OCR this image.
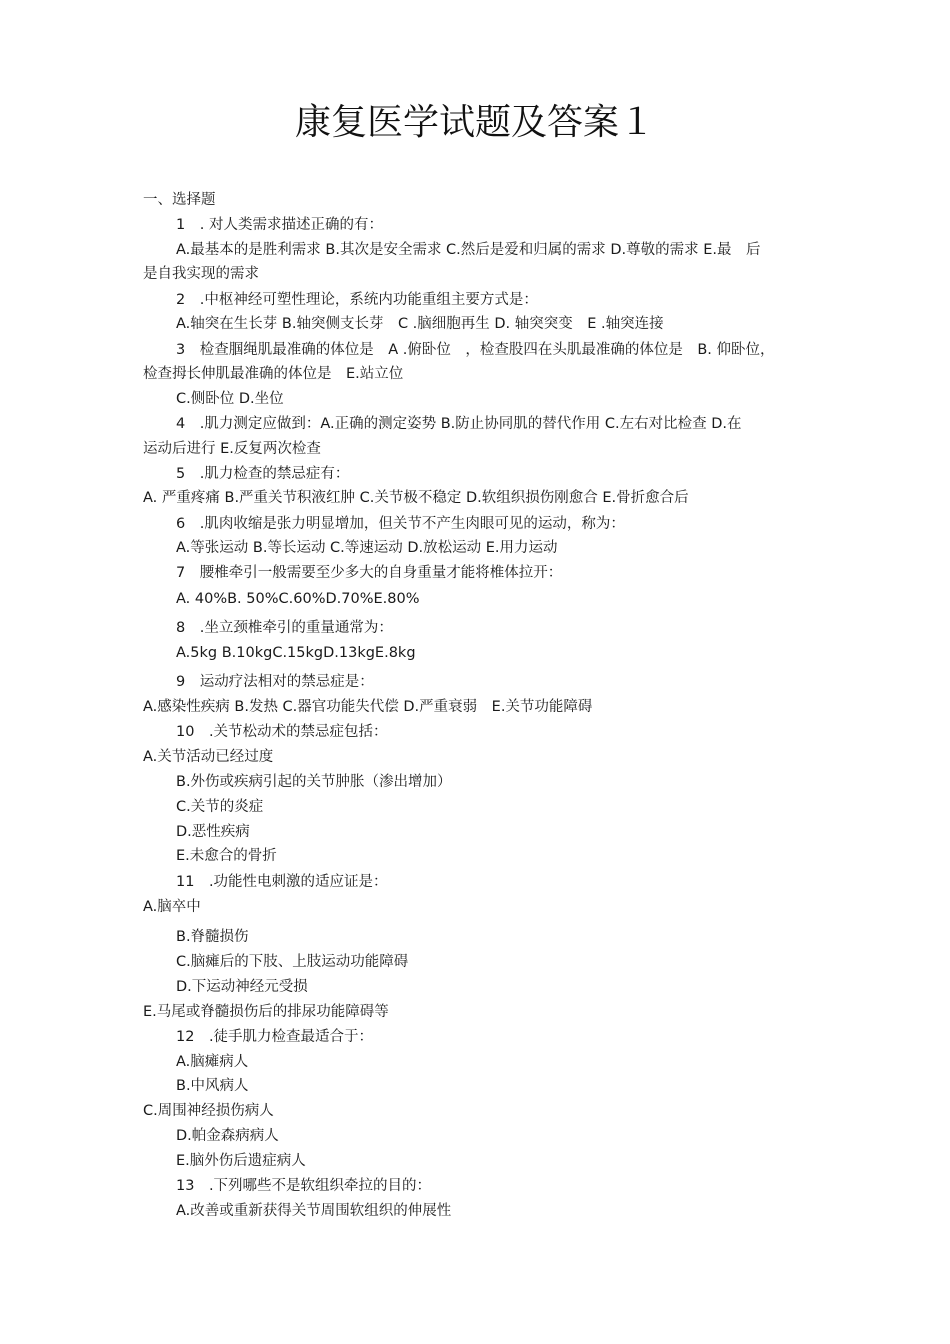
康复医学试题及答案１
一、选择题
1　. 对人类需求描述正确的有：
A.最基本的是胜利需求 B.其次是安全需求 C.然后是爱和归属的需求 D.尊敬的需求 E.最　后
是自我实现的需求
2　.中枢神经可塑性理论，系统内功能重组主要方式是：
A.轴突在生长芽 B.轴突侧支长芽　C .脑细胞再生 D. 轴突突变　E .轴突连接
3　检查腘绳肌最准确的体位是　A .俯卧位　，检查股四在头肌最准确的体位是　B. 仰卧位，
检查拇长伸肌最准确的体位是　E.站立位
C.侧卧位 D.坐位
4　.肌力测定应做到：A.正确的测定姿势 B.防止协同肌的替代作用 C.左右对比检查 D.在
运动后进行 E.反复两次检查
5　.肌力检查的禁忌症有：
A. 严重疼痛 B.严重关节积液红肿 C.关节极不稳定 D.软组织损伤刚愈合 E.骨折愈合后
6　.肌肉收缩是张力明显增加，但关节不产生肉眼可见的运动，称为：
A.等张运动 B.等长运动 C.等速运动 D.放松运动 E.用力运动
7　腰椎牵引一般需要至少多大的自身重量才能将椎体拉开：
A. 40%B. 50%C.60%D.70%E.80%
8　.坐立颈椎牵引的重量通常为：
A.5kg B.10kgC.15kgD.13kgE.8kg
9　运动疗法相对的禁忌症是：
A.感染性疾病 B.发热 C.器官功能失代偿 D.严重衰弱　E.关节功能障碍
10　.关节松动术的禁忌症包括：
A.关节活动已经过度
B.外伤或疾病引起的关节肿胀（渗出增加）
C.关节的炎症
D.恶性疾病
E.未愈合的骨折
11　.功能性电刺激的适应证是：
A.脑卒中
B.脊髓损伤
C.脑瘫后的下肢、上肢运动功能障碍
D.下运动神经元受损
E.马尾或脊髓损伤后的排尿功能障碍等
12　.徒手肌力检查最适合于：
A.脑瘫病人
B.中风病人
C.周围神经损伤病人
D.帕金森病病人
E.脑外伤后遗症病人
13　.下列哪些不是软组织牵拉的目的：
A.改善或重新获得关节周围软组织的伸展性
